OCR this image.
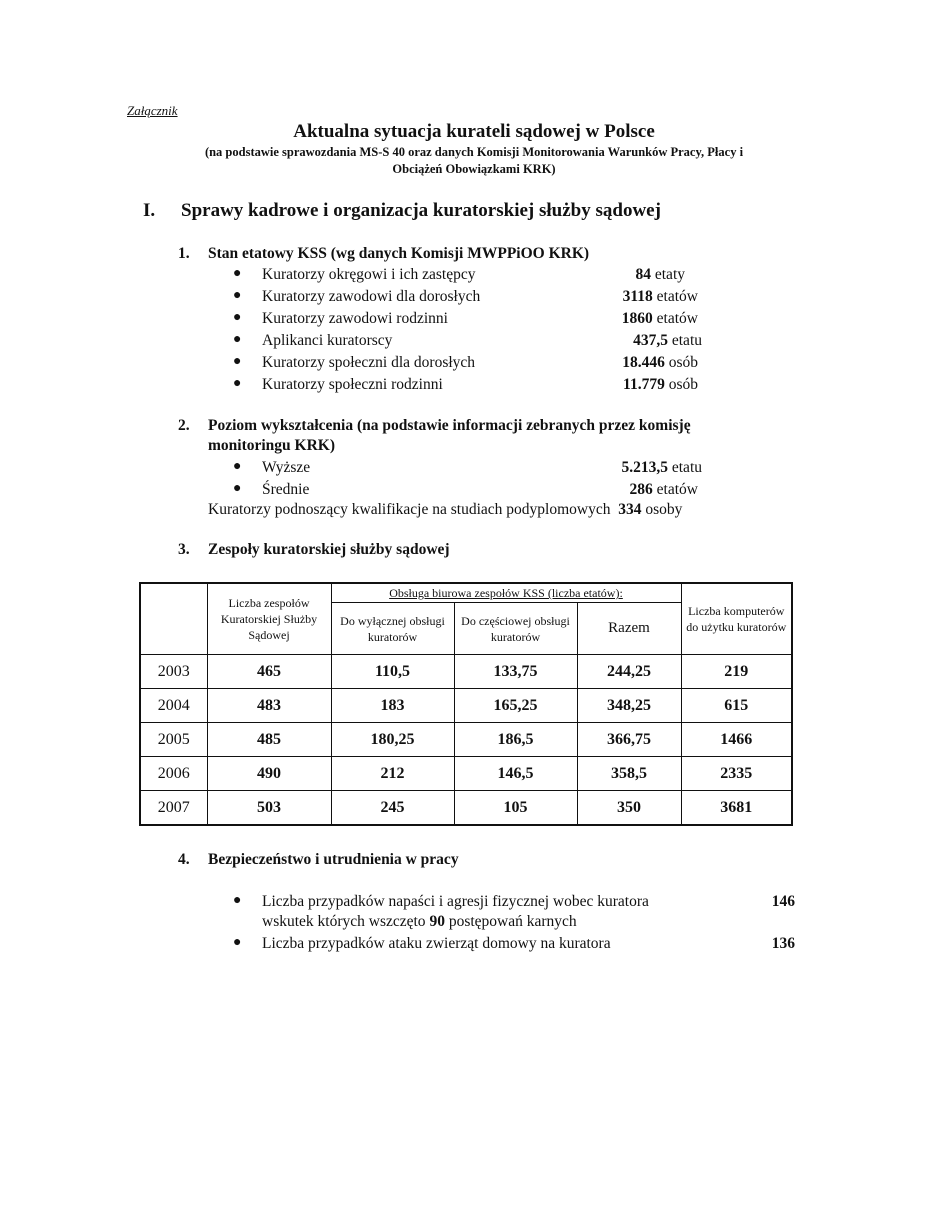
Załącznik
Aktualna sytuacja kurateli sądowej w Polsce
(na podstawie sprawozdania MS-S 40 oraz danych Komisji Monitorowania Warunków Pracy, Płacy i
Obciążeń Obowiązkami KRK)
I. Sprawy kadrowe i organizacja kuratorskiej służby sądowej
1. Stan etatowy KSS (wg danych Komisji MWPPiOO KRK)
● Kuratorzy okręgowi i ich zastępcy	84 etaty
● Kuratorzy zawodowi dla dorosłych	3118 etatów
● Kuratorzy zawodowi rodzinni	1860 etatów
● Aplikanci kuratorscy	437,5 etatu
● Kuratorzy społeczni dla dorosłych	18.446 osób
● Kuratorzy społeczni rodzinni	11.779 osób
2. Poziom wykształcenia (na podstawie informacji zebranych przez komisję
monitoringu KRK)
● Wyższe	5.213,5 etatu
● Średnie	286 etatów
Kuratorzy podnoszący kwalifikacje na studiach podyplomowych 334 osoby
3. Zespoły kuratorskiej służby sądowej
	Liczba zespołów Kuratorskiej Służby Sądowej	Obsługa biurowa zespołów KSS (liczba etatów):			Liczba komputerów do użytku kuratorów
		Do wyłącznej obsługi kuratorów	Do częściowej obsługi kuratorów	Razem	
2003	465	110,5	133,75	244,25	219
2004	483	183	165,25	348,25	615
2005	485	180,25	186,5	366,75	1466
2006	490	212	146,5	358,5	2335
2007	503	245	105	350	3681
4. Bezpieczeństwo i utrudnienia w pracy
● Liczba przypadków napaści i agresji fizycznej wobec kuratora
wskutek których wszczęto 90 postępowań karnych
146
● Liczba przypadków ataku zwierząt domowy na kuratora	136
